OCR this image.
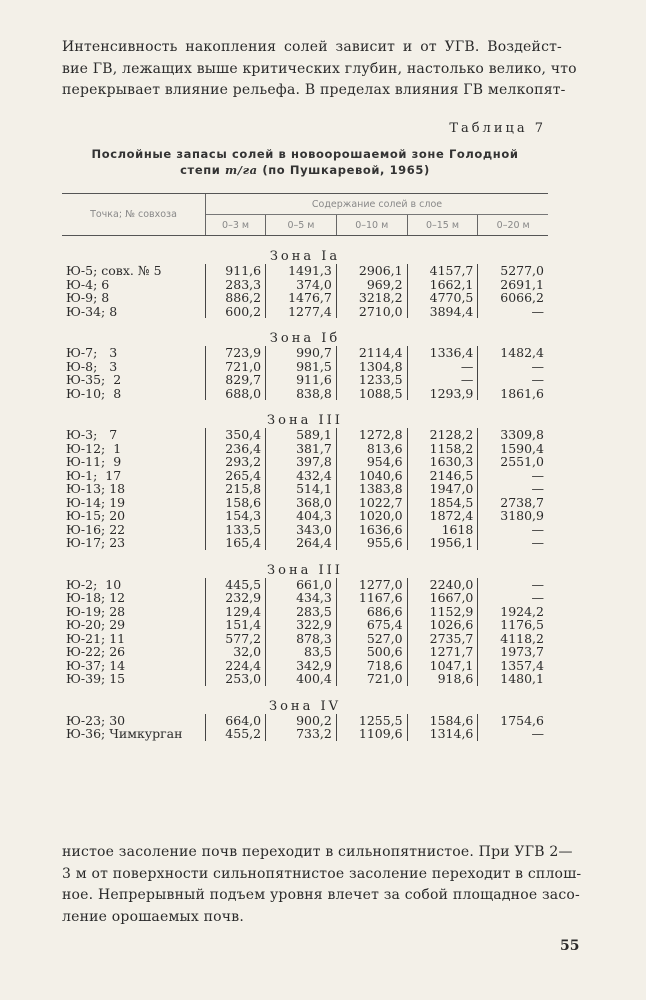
Интенсивность накопления солей зависит и от УГВ. Воздейст-
вие ГВ, лежащих выше критических глубин, настолько велико, что
перекрывает влияние рельефа. В пределах влияния ГВ мелкопят-
Таблица 7
Послойные запасы солей в новоорошаемой зоне Голодной
степи т/га (по Пушкаревой, 1965)
Точка; № совхоза	Содержание солей в слое				
	0–3 м	0–5 м	0–10 м	0–15 м	0–20 м
Зона Iа					
Ю-5; совх. № 5	911,6	1491,3	2906,1	4157,7	5277,0
Ю-4; 6	283,3	374,0	969,2	1662,1	2691,1
Ю-9; 8	886,2	1476,7	3218,2	4770,5	6066,2
Ю-34; 8	600,2	1277,4	2710,0	3894,4	—
Зона Iб					
Ю-7;   3	723,9	990,7	2114,4	1336,4	1482,4
Ю-8;   3	721,0	981,5	1304,8	—	—
Ю-35;  2	829,7	911,6	1233,5	—	—
Ю-10;  8	688,0	838,8	1088,5	1293,9	1861,6
Зона III					
Ю-3;   7	350,4	589,1	1272,8	2128,2	3309,8
Ю-12;  1	236,4	381,7	813,6	1158,2	1590,4
Ю-11;  9	293,2	397,8	954,6	1630,3	2551,0
Ю-1;  17	265,4	432,4	1040,6	2146,5	—
Ю-13; 18	215,8	514,1	1383,8	1947,0	—
Ю-14; 19	158,6	368,0	1022,7	1854,5	2738,7
Ю-15; 20	154,3	404,3	1020,0	1872,4	3180,9
Ю-16; 22	133,5	343,0	1636,6	1618	—
Ю-17; 23	165,4	264,4	955,6	1956,1	—
Зона III					
Ю-2;  10	445,5	661,0	1277,0	2240,0	—
Ю-18; 12	232,9	434,3	1167,6	1667,0	—
Ю-19; 28	129,4	283,5	686,6	1152,9	1924,2
Ю-20; 29	151,4	322,9	675,4	1026,6	1176,5
Ю-21; 11	577,2	878,3	527,0	2735,7	4118,2
Ю-22; 26	32,0	83,5	500,6	1271,7	1973,7
Ю-37; 14	224,4	342,9	718,6	1047,1	1357,4
Ю-39; 15	253,0	400,4	721,0	918,6	1480,1
Зона IV					
Ю-23; 30	664,0	900,2	1255,5	1584,6	1754,6
Ю-36; Чимкурган	455,2	733,2	1109,6	1314,6	—
нистое засоление почв переходит в сильнопятнистое. При УГВ 2—
3 м от поверхности сильнопятнистое засоление переходит в сплош-
ное. Непрерывный подъем уровня влечет за собой площадное засо-
ление орошаемых почв.
55
